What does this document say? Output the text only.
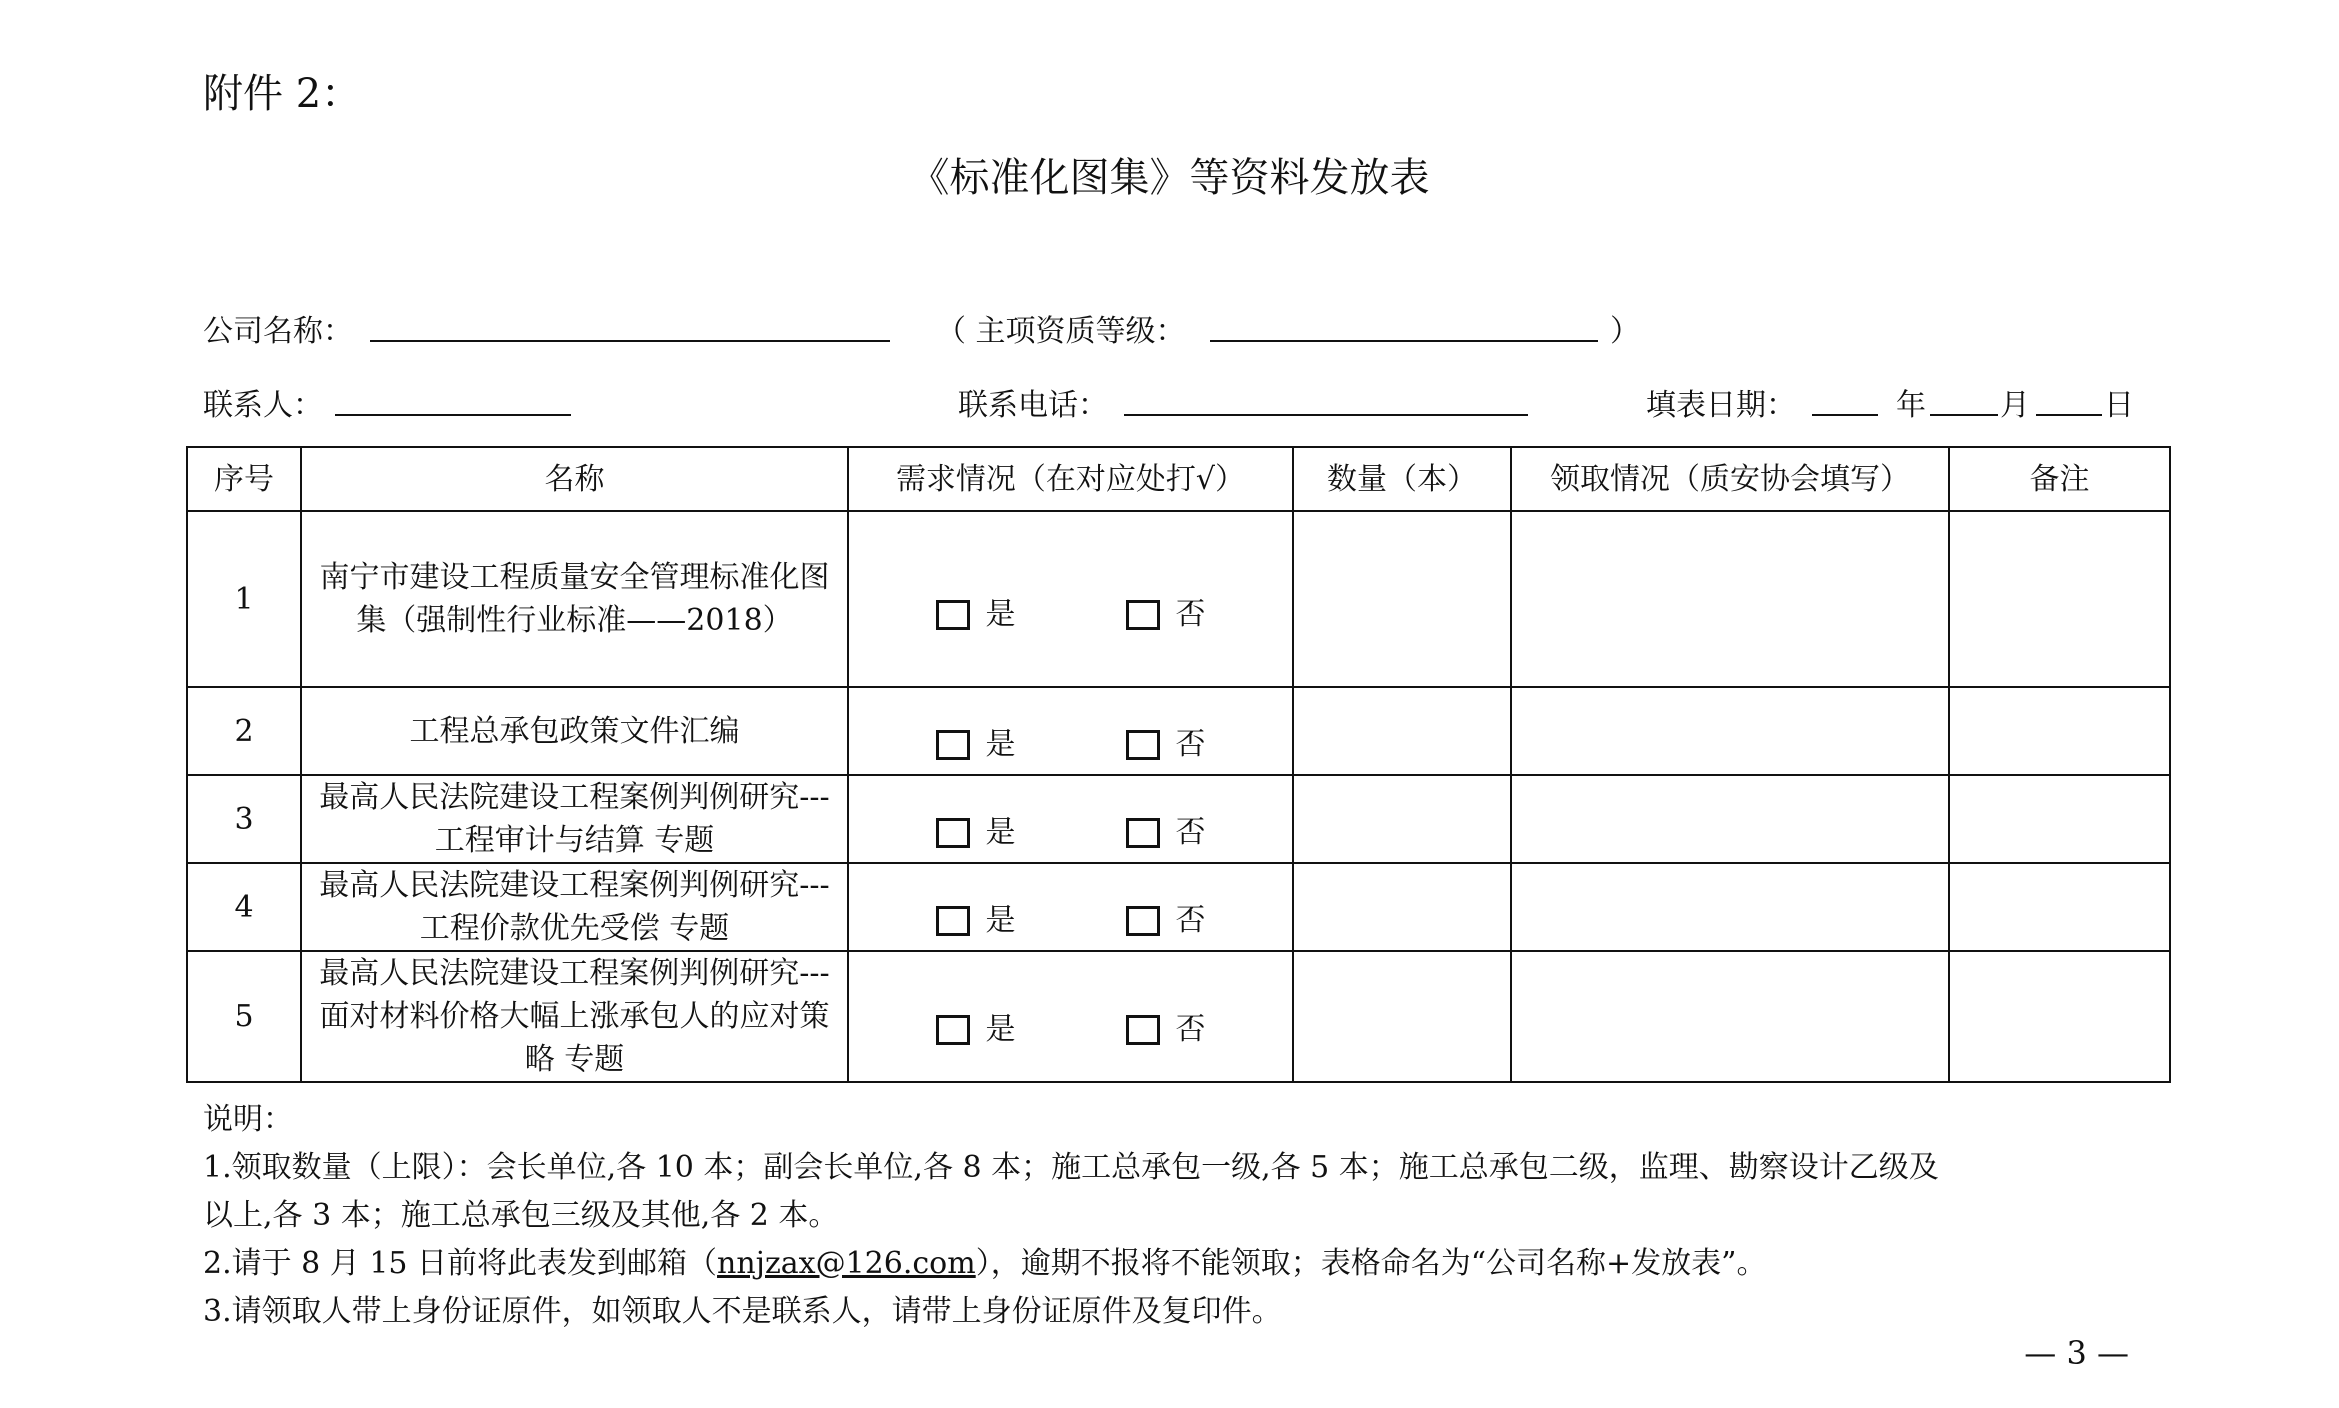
附件 2：
《标准化图集》等资料发放表
公司名称：	（ 主项资质等级：	）
联系人：	联系电话：	填表日期：	年 月 日
序号	名称	需求情况（在对应处打√）	数量（本）	领取情况（质安协会填写）	备注
1	南宁市建设工程质量安全管理标准化图集（强制性行业标准——2018）	是 否			

2	工程总承包政策文件汇编	是 否			

3	最高人民法院建设工程案例判例研究---工程审计与结算 专题	是 否			

4	最高人民法院建设工程案例判例研究---工程价款优先受偿 专题	是 否			

5	最高人民法院建设工程案例判例研究---面对材料价格大幅上涨承包人的应对策略 专题	是 否			

说明：
1.领取数量（上限）：会长单位,各 10 本；副会长单位,各 8 本；施工总承包一级,各 5 本；施工总承包二级，监理、勘察设计乙级及
以上,各 3 本；施工总承包三级及其他,各 2 本。
2.请于 8 月 15 日前将此表发到邮箱（nnjzax@126.com），逾期不报将不能领取；表格命名为“公司名称+发放表”。
3.请领取人带上身份证原件，如领取人不是联系人，请带上身份证原件及复印件。
— 3 —
